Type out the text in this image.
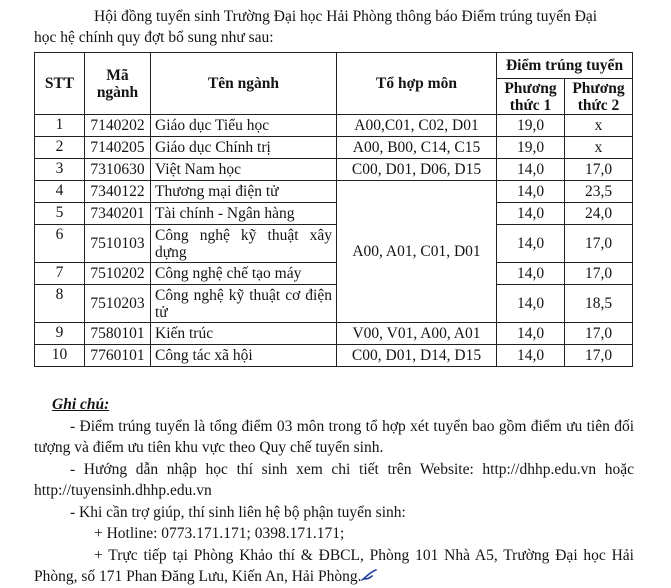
Hội đồng tuyển sinh Trường Đại học Hải Phòng thông báo Điểm trúng tuyển Đại
học hệ chính quy đợt bổ sung như sau:
STT	Mã ngành	Tên ngành	Tổ hợp môn	Điểm trúng tuyển	
				Phương thức 1	Phương thức 2
1	7140202	Giáo dục Tiểu học	A00,C01, C02, D01	19,0	x
2	7140205	Giáo dục Chính trị	A00, B00, C14, C15	19,0	x
3	7310630	Việt Nam học	C00, D01, D06, D15	14,0	17,0
4	7340122	Thương mại điện tử	A00, A01, C01, D01	14,0	23,5
5	7340201	Tài chính - Ngân hàng		14,0	24,0
6	7510103	Công nghệ kỹ thuật xây dựng		14,0	17,0
7	7510202	Công nghệ chế tạo máy		14,0	17,0
8	7510203	Công nghệ kỹ thuật cơ điện tử		14,0	18,5
9	7580101	Kiến trúc	V00, V01, A00, A01	14,0	17,0
10	7760101	Công tác xã hội	C00, D01, D14, D15	14,0	17,0
Ghi chú:

- Điểm trúng tuyển là tổng điểm 03 môn trong tổ hợp xét tuyển bao gồm điểm ưu tiên đối tượng và điểm ưu tiên khu vực theo Quy chế tuyển sinh.

- Hướng dẫn nhập học thí sinh xem chi tiết trên Website: http://dhhp.edu.vn hoặc http://tuyensinh.dhhp.edu.vn

- Khi cần trợ giúp, thí sinh liên hệ bộ phận tuyển sinh:

+ Hotline: 0773.171.171; 0398.171.171;

+ Trực tiếp tại Phòng Khảo thí & ĐBCL, Phòng 101 Nhà A5, Trường Đại học Hải Phòng, số 171 Phan Đăng Lưu, Kiến An, Hải Phòng.
